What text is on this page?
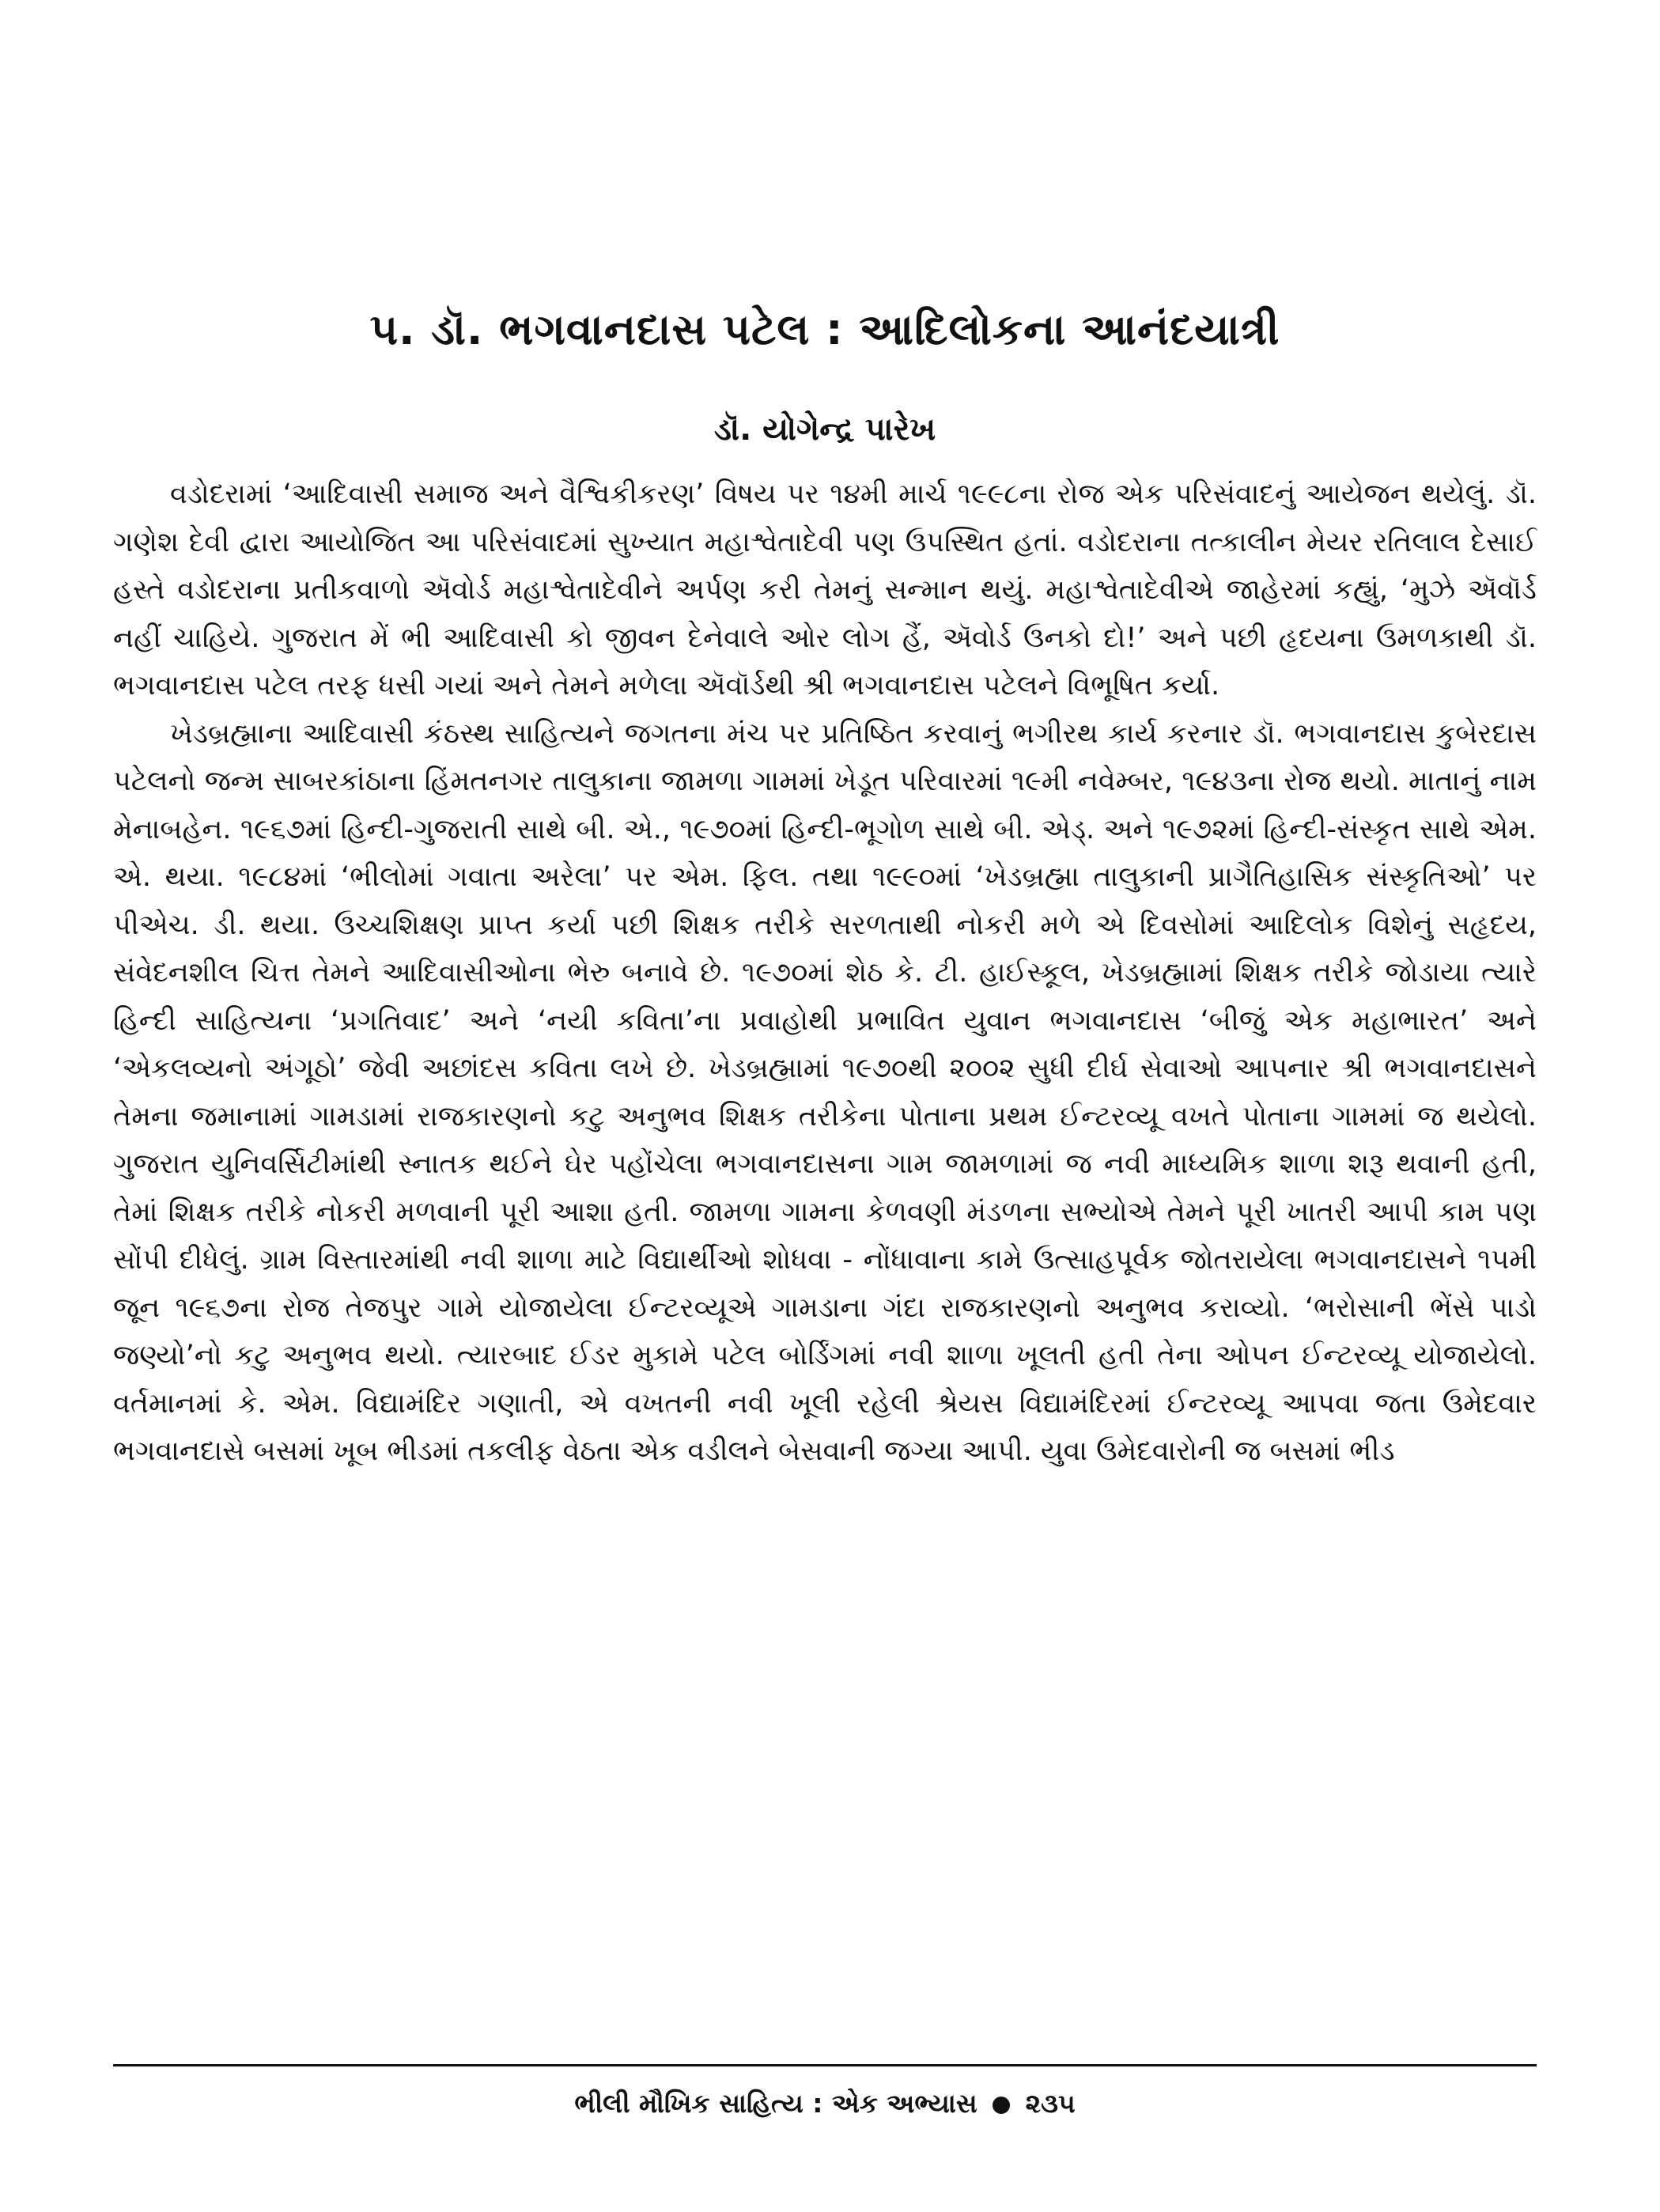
૫. ડૉ. ભગવાનદાસ પટેલ : આદિલોકના આનંદયાત્રી
ડૉ. યોગેન્દ્ર પારેખ

વડોદરામાં ‘આદિવાસી સમાજ અને વૈશ્વિકીકરણ’ વિષય પર ૧૪મી માર્ચ ૧૯૯૮ના રોજ એક પરિસંવાદનું આયેજન થયેલું. ડૉ. ગણેશ દેવી દ્વારા આયોજિત આ પરિસંવાદમાં સુખ્યાત મહાશ્વેતાદેવી પણ ઉપસ્થિત હતાં. વડોદરાના તત્કાલીન મેયર રતિલાલ દેસાઈ હસ્તે વડોદરાના પ્રતીકવાળો ઍવોર્ડ મહાશ્વેતાદેવીને અર્પણ કરી તેમનું સન્માન થયું. મહાશ્વેતાદેવીએ જાહેરમાં કહ્યું, ‘મુઝે ઍવૉર્ડ નહીં ચાહિયે. ગુજરાત મેં ભી આદિવાસી કો જીવન દેનેવાલે ઓર લોગ હૈં, ઍવોર્ડ ઉનકો દો!’ અને પછી હૃદયના ઉમળકાથી ડૉ. ભગવાનદાસ પટેલ તરફ ધસી ગયાં અને તેમને મળેલા ઍવૉર્ડથી શ્રી ભગવાનદાસ પટેલને વિભૂષિત કર્યા.

ખેડબ્રહ્માના આદિવાસી કંઠસ્થ સાહિત્યને જગતના મંચ પર પ્રતિષ્ઠિત કરવાનું ભગીરથ કાર્ય કરનાર ડૉ. ભગવાનદાસ કુબેરદાસ પટેલનો જન્મ સાબરકાંઠાના હિંમતનગર તાલુકાના જામળા ગામમાં ખેડૂત પરિવારમાં ૧૯મી નવેમ્બર, ૧૯૪૩ના રોજ થયો. માતાનું નામ મેનાબહેન. ૧૯૬૭માં હિન્દી-ગુજરાતી સાથે બી. એ., ૧૯૭૦માં હિન્દી-ભૂગોળ સાથે બી. એડ્. અને ૧૯૭૨માં હિન્દી-સંસ્કૃત સાથે એમ. એ. થયા. ૧૯૮૪માં ‘ભીલોમાં ગવાતા અરેલા’ પર એમ. ફિલ. તથા ૧૯૯૦માં ‘ખેડબ્રહ્મા તાલુકાની પ્રાગૈતિહાસિક સંસ્કૃતિઓ’ પર પીએચ. ડી. થયા. ઉચ્ચશિક્ષણ પ્રાપ્ત કર્યા પછી શિક્ષક તરીકે સરળતાથી નોકરી મળે એ દિવસોમાં આદિલોક વિશેનું સહૃદય, સંવેદનશીલ ચિત્ત તેમને આદિવાસીઓના ભેરુ બનાવે છે. ૧૯૭૦માં શેઠ કે. ટી. હાઈસ્કૂલ, ખેડબ્રહ્મામાં શિક્ષક તરીકે જોડાયા ત્યારે હિન્દી સાહિત્યના ‘પ્રગતિવાદ’ અને ‘નયી કવિતા’ના પ્રવાહોથી પ્રભાવિત યુવાન ભગવાનદાસ ‘બીજું એક મહાભારત’ અને ‘એકલવ્યનો અંગૂઠો’ જેવી અછાંદસ કવિતા લખે છે. ખેડબ્રહ્મામાં ૧૯૭૦થી ૨૦૦૨ સુધી દીર્ઘ સેવાઓ આપનાર શ્રી ભગવાનદાસને તેમના જમાનામાં ગામડામાં રાજકારણનો કટુ અનુભવ શિક્ષક તરીકેના પોતાના પ્રથમ ઈન્ટરવ્યૂ વખતે પોતાના ગામમાં જ થયેલો. ગુજરાત યુનિવર્સિટીમાંથી સ્નાતક થઈને ઘેર પહોંચેલા ભગવાનદાસના ગામ જામળામાં જ નવી માધ્યમિક શાળા શરૂ થવાની હતી, તેમાં શિક્ષક તરીકે નોકરી મળવાની પૂરી આશા હતી. જામળા ગામના કેળવણી મંડળના સભ્યોએ તેમને પૂરી ખાતરી આપી કામ પણ સોંપી દીધેલું. ગ્રામ વિસ્તારમાંથી નવી શાળા માટે વિદ્યાર્થીઓ શોધવા - નોંધાવાના કામે ઉત્સાહપૂર્વક જોતરાયેલા ભગવાનદાસને ૧૫મી જૂન ૧૯૬૭ના રોજ તેજપુર ગામે યોજાયેલા ઈન્ટરવ્યૂએ ગામડાના ગંદા રાજકારણનો અનુભવ કરાવ્યો. ‘ભરોસાની ભેંસે પાડો જણ્યો’નો કટુ અનુભવ થયો. ત્યારબાદ ઈડર મુકામે પટેલ બોર્ડિંગમાં નવી શાળા ખૂલતી હતી તેના ઓપન ઈન્ટરવ્યૂ યોજાયેલો. વર્તમાનમાં કે. એમ. વિદ્યામંદિર ગણાતી, એ વખતની નવી ખૂલી રહેલી શ્રેયસ વિદ્યામંદિરમાં ઈન્ટરવ્યૂ આપવા જતા ઉમેદવાર ભગવાનદાસે બસમાં ખૂબ ભીડમાં તકલીફ વેઠતા એક વડીલને બેસવાની જગ્યા આપી. યુવા ઉમેદવારોની જ બસમાં ભીડ

ભીલી મૌખિક સાહિત્ય : એક અભ્યાસ ૨૩૫
